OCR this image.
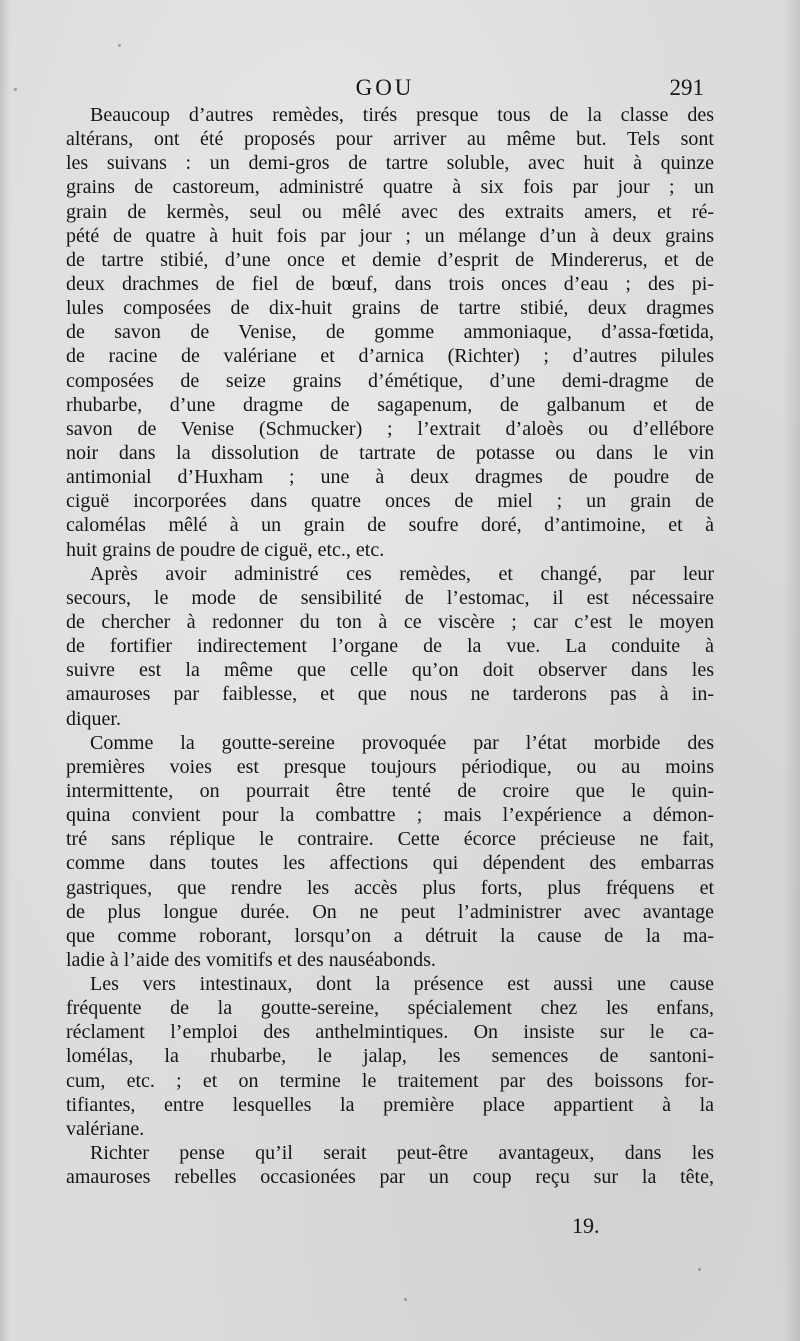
GOU	291

Beaucoup d’autres remèdes, tirés presque tous de la classe des
altérans, ont été proposés pour arriver au même but. Tels sont
les suivans : un demi-gros de tartre soluble, avec huit à quinze
grains de castoreum, administré quatre à six fois par jour ; un
grain de kermès, seul ou mêlé avec des extraits amers, et ré-
pété de quatre à huit fois par jour ; un mélange d’un à deux grains
de tartre stibié, d’une once et demie d’esprit de Mindererus, et de
deux drachmes de fiel de bœuf, dans trois onces d’eau ; des pi-
lules composées de dix-huit grains de tartre stibié, deux dragmes
de savon de Venise, de gomme ammoniaque, d’assa-fœtida,
de racine de valériane et d’arnica (Richter) ; d’autres pilules
composées de seize grains d’émétique, d’une demi-dragme de
rhubarbe, d’une dragme de sagapenum, de galbanum et de
savon de Venise (Schmucker) ; l’extrait d’aloès ou d’ellébore
noir dans la dissolution de tartrate de potasse ou dans le vin
antimonial d’Huxham ; une à deux dragmes de poudre de
ciguë incorporées dans quatre onces de miel ; un grain de
calomélas mêlé à un grain de soufre doré, d’antimoine, et à
huit grains de poudre de ciguë, etc., etc.

Après avoir administré ces remèdes, et changé, par leur
secours, le mode de sensibilité de l’estomac, il est nécessaire
de chercher à redonner du ton à ce viscère ; car c’est le moyen
de fortifier indirectement l’organe de la vue. La conduite à
suivre est la même que celle qu’on doit observer dans les
amauroses par faiblesse, et que nous ne tarderons pas à in-
diquer.

Comme la goutte-sereine provoquée par l’état morbide des
premières voies est presque toujours périodique, ou au moins
intermittente, on pourrait être tenté de croire que le quin-
quina convient pour la combattre ; mais l’expérience a démon-
tré sans réplique le contraire. Cette écorce précieuse ne fait,
comme dans toutes les affections qui dépendent des embarras
gastriques, que rendre les accès plus forts, plus fréquens et
de plus longue durée. On ne peut l’administrer avec avantage
que comme roborant, lorsqu’on a détruit la cause de la ma-
ladie à l’aide des vomitifs et des nauséabonds.

Les vers intestinaux, dont la présence est aussi une cause
fréquente de la goutte-sereine, spécialement chez les enfans,
réclament l’emploi des anthelmintiques. On insiste sur le ca-
lomélas, la rhubarbe, le jalap, les semences de santoni-
cum, etc. ; et on termine le traitement par des boissons for-
tifiantes, entre lesquelles la première place appartient à la
valériane.

Richter pense qu’il serait peut-être avantageux, dans les
amauroses rebelles occasionées par un coup reçu sur la tête,

19.
